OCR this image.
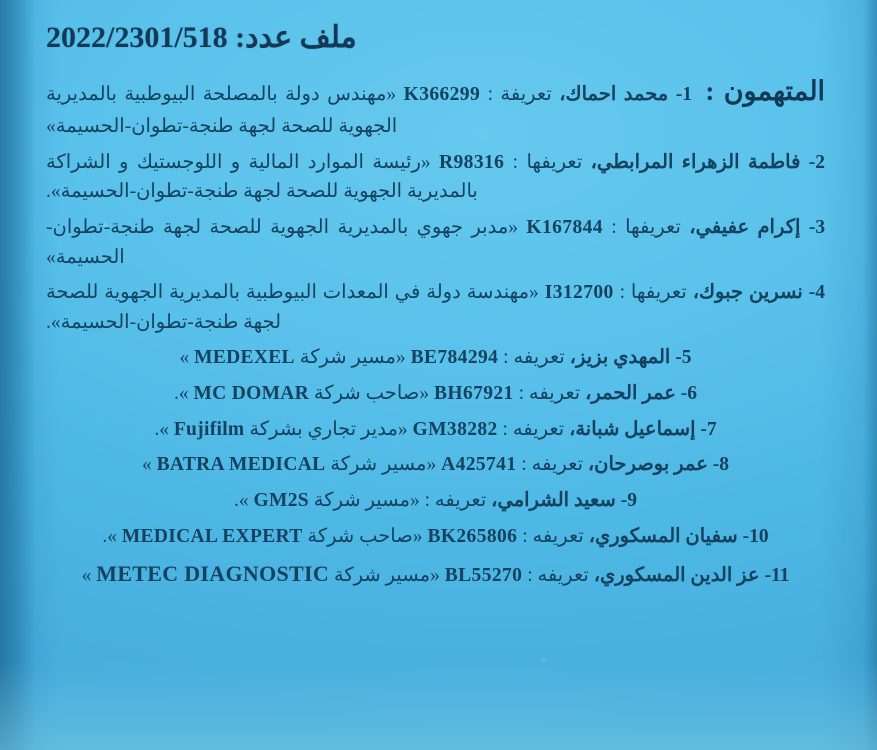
ملف عدد: 2022/2301/518
المتهمون : 1- محمد احماك، تعريفة : K366299 «مهندس دولة بالمصلحة البيوطبية بالمديرية الجهوية للصحة لجهة طنجة-تطوان-الحسيمة»
2- فاطمة الزهراء المرابطي، تعريفها : R98316 «رئيسة الموارد المالية و اللوجستيك و الشراكة بالمديرية الجهوية للصحة لجهة طنجة-تطوان-الحسيمة».
3- إكرام عفيفي، تعريفها : K167844 «مدبر جهوي بالمديرية الجهوية للصحة لجهة طنجة-تطوان-الحسيمة»
4- نسرين جبوك، تعريفها : I312700 «مهندسة دولة في المعدات البيوطبية بالمديرية الجهوية للصحة لجهة طنجة-تطوان-الحسيمة».
5- المهدي بزيز، تعريفه : BE784294 «مسير شركة MEDEXEL »
6- عمر الحمر، تعريفه : BH67921 «صاحب شركة MC DOMAR ».
7- إسماعيل شبانة، تعريفه : GM38282 «مدير تجاري بشركة Fujifilm ».
8- عمر بوصرحان، تعريفه : A425741 «مسير شركة BATRA MEDICAL »
9- سعيد الشرامي، تعريفه : «مسير شركة GM2S ».
10- سفيان المسكوري، تعريفه : BK265806 «صاحب شركة MEDICAL EXPERT ».
11- عز الدين المسكوري، تعريفه : BL55270 «مسير شركة METEC DIAGNOSTIC »
